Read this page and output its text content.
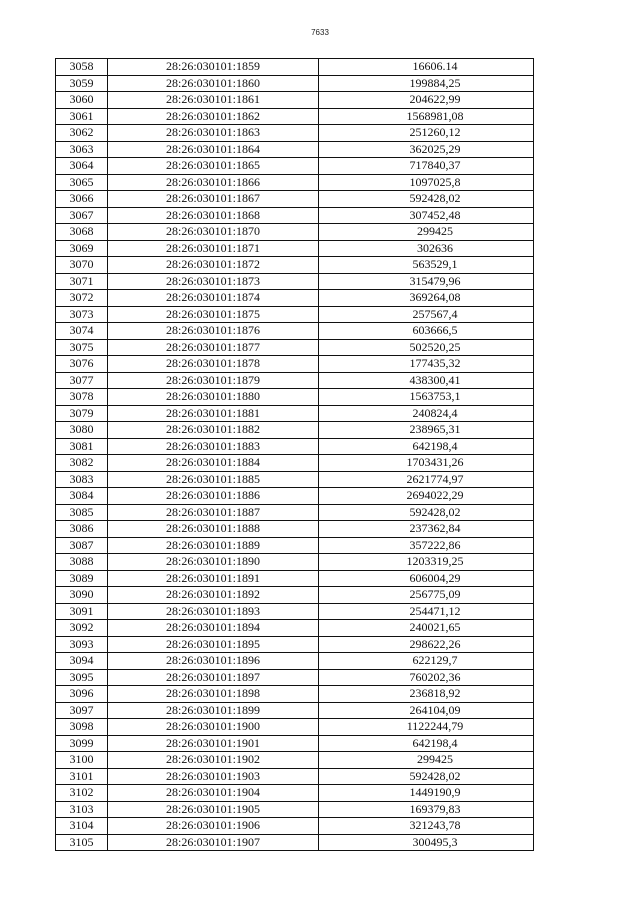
7633
3058	28:26:030101:1859	16606.14
3059	28:26:030101:1860	199884,25
3060	28:26:030101:1861	204622,99
3061	28:26:030101:1862	1568981,08
3062	28:26:030101:1863	251260,12
3063	28:26:030101:1864	362025,29
3064	28:26:030101:1865	717840,37
3065	28:26:030101:1866	1097025,8
3066	28:26:030101:1867	592428,02
3067	28:26:030101:1868	307452,48
3068	28:26:030101:1870	299425
3069	28:26:030101:1871	302636
3070	28:26:030101:1872	563529,1
3071	28:26:030101:1873	315479,96
3072	28:26:030101:1874	369264,08
3073	28:26:030101:1875	257567,4
3074	28:26:030101:1876	603666,5
3075	28:26:030101:1877	502520,25
3076	28:26:030101:1878	177435,32
3077	28:26:030101:1879	438300,41
3078	28:26:030101:1880	1563753,1
3079	28:26:030101:1881	240824,4
3080	28:26:030101:1882	238965,31
3081	28:26:030101:1883	642198,4
3082	28:26:030101:1884	1703431,26
3083	28:26:030101:1885	2621774,97
3084	28:26:030101:1886	2694022,29
3085	28:26:030101:1887	592428,02
3086	28:26:030101:1888	237362,84
3087	28:26:030101:1889	357222,86
3088	28:26:030101:1890	1203319,25
3089	28:26:030101:1891	606004,29
3090	28:26:030101:1892	256775,09
3091	28:26:030101:1893	254471,12
3092	28:26:030101:1894	240021,65
3093	28:26:030101:1895	298622,26
3094	28:26:030101:1896	622129,7
3095	28:26:030101:1897	760202,36
3096	28:26:030101:1898	236818,92
3097	28:26:030101:1899	264104,09
3098	28:26:030101:1900	1122244,79
3099	28:26:030101:1901	642198,4
3100	28:26:030101:1902	299425
3101	28:26:030101:1903	592428,02
3102	28:26:030101:1904	1449190,9
3103	28:26:030101:1905	169379,83
3104	28:26:030101:1906	321243,78
3105	28:26:030101:1907	300495,3
